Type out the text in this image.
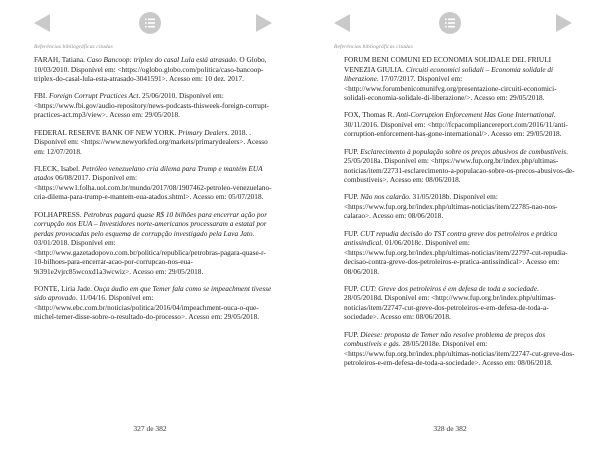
Referências bibliográficas citadas

FARAH, Tatiana. Caso Bancoop: triplex do casal Lula está atrasado. O Globo, 10/03/2010. Disponível em: <https://oglobo.globo.com/politica/caso-bancoop-triplex-do-casal-lula-esta-atrasado-3041591>. Acesso em: 10 dez. 2017.

FBI. Foreign Corrupt Practices Act. 25/06/2010. Disponível em: <https://www.fbi.gov/audio-repository/news-podcasts-thisweek-foreign-corrupt-practices-act.mp3/view>. Acesso em: 29/05/2018.

FEDERAL RESERVE BANK OF NEW YORK. Primary Dealers. 2018. . Disponível em: <https://www.newyorkfed.org/markets/primarydealers>. Acesso em: 12/07/2018.

FLECK, Isabel. Petróleo venezuelano cria dilema para Trump e mantém EUA atados 06/08/2017. Disponível em: <https://www1.folha.uol.com.br/mundo/2017/08/1907462-petroleo-venezuelano-cria-dilema-para-trump-e-mantem-eua-atados.shtml>. Acesso em: 05/07/2018.

FOLHAPRESS. Petrobras pagará quase R$ 10 bilhões para encerrar ação por corrupção nos EUA – Investidores norte-americanos processaram a estatal por perdas provocadas pelo esquema de corrupção investigado pela Lava Jato. 03/01/2018. Disponível em: <http://www.gazetadopovo.com.br/politica/republica/petrobras-pagara-quase-r-10-bilhoes-para-encerrar-acao-por-corrupcao-nos-eua-9i391e2vjrc85wcoxd1a3wcwiz>. Acesso em: 29/05/2018.

FONTE, Liria Jade. Ouça áudio em que Temer fala como se impeachment tivesse sido aprovado. 11/04/16. Disponível em: <http://www.ebc.com.br/noticias/politica/2016/04/impeachment-ouca-o-que-michel-temer-disse-sobre-o-resultado-do-processo>. Acesso em: 29/05/2018.

327 de 382
Referências bibliográficas citadas

FORUM BENI COMUNI ED ECONOMIA SOLIDALE DEL FRIULI VENEZIA GIULIA. Circuiti economici solidali – Economia solidale di liberazione. 17/07/2017. Disponível em: <http://www.forumbenicomunifvg.org/presentazione-circuiti-economici-solidali-economia-solidale-di-liberazione/>. Acesso em: 29/05/2018.

FOX, Thomas R. Anti-Corruption Enforcement Has Gone International. 30/11/2016. Disponível em: <http://fcpacompliancereport.com/2016/11/anti-corruption-enforcement-has-gone-international/>. Acesso em: 29/05/2018.

FUP. Esclarecimento à população sobre os preços abusivos de combustíveis. 25/05/2018a. Disponível em: <https://www.fup.org.br/index.php/ultimas-noticias/item/22731-esclarecimento-a-populacao-sobre-os-precos-abusivos-de-combustiveis>. Acesso em: 08/06/2018.

FUP. Não nos calarão. 31/05/2018b. Disponível em: <https://www.fup.org.br/index.php/ultimas-noticias/item/22785-nao-nos-calarao>. Acesso em: 08/06/2018.

FUP. CUT repudia decisão do TST contra greve dos petroleiros e prática antissindical. 01/06/2018c. Disponível em: <https://www.fup.org.br/index.php/ultimas-noticias/item/22797-cut-repudia-decisao-contra-greve-dos-petroleiros-e-pratica-antissindical>. Acesso em: 08/06/2018.

FUP. CUT: Greve dos petroleiros é em defesa de toda a sociedade. 28/05/2018d. Disponível em: <http://www.fup.org.br/index.php/ultimas-noticias/item/22747-cut-greve-dos-petroleiros-e-em-defesa-de-toda-a-sociedade>. Acesso em: 08/06/2018.

FUP. Dieese: proposta de Temer não resolve problema de preços dos combustíveis e gás. 28/05/2018e. Disponível em: <https://www.fup.org.br/index.php/ultimas-noticias/item/22747-cut-greve-dos-petroleiros-e-em-defesa-de-toda-a-sociedade>. Acesso em: 08/06/2018.

328 de 382
